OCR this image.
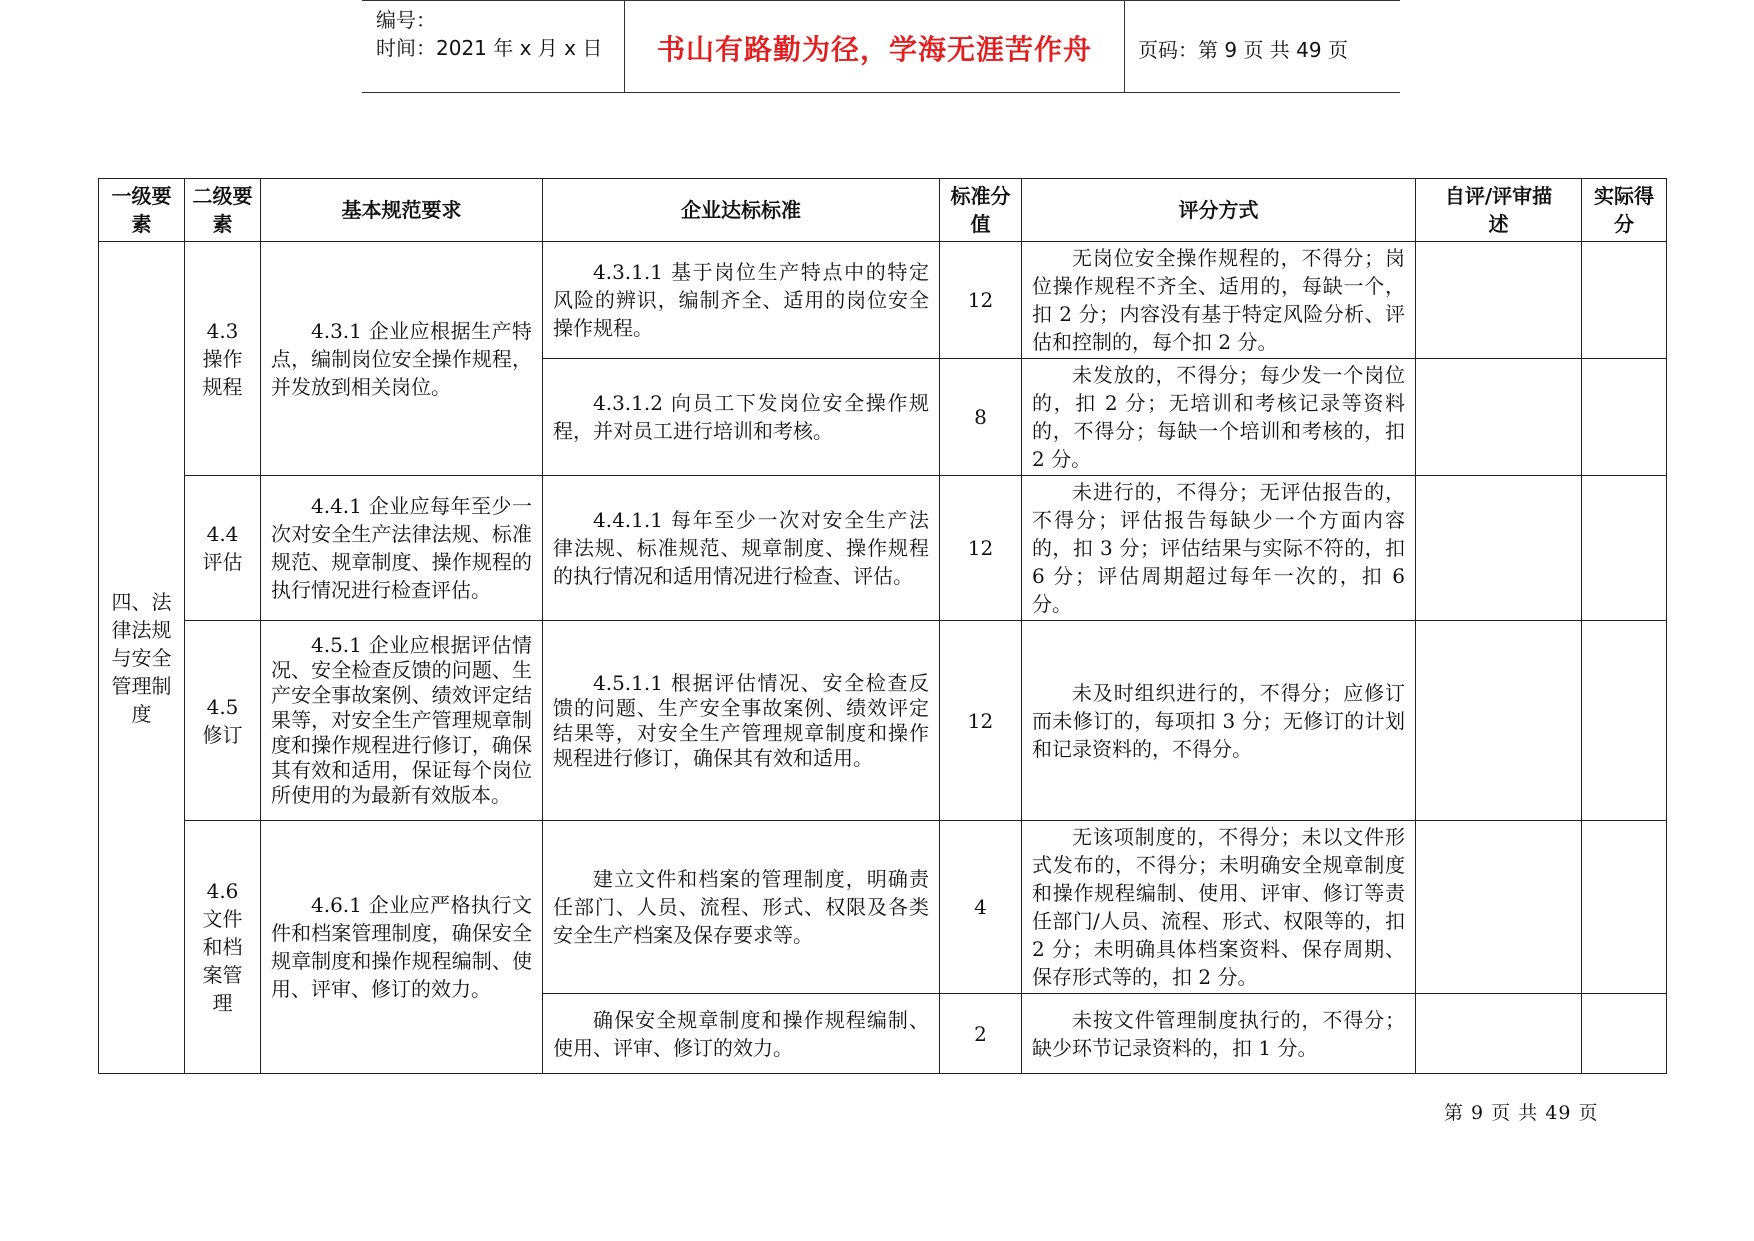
编号：
时间：2021 年 x 月 x 日	书山有路勤为径，学海无涯苦作舟	页码：第 9 页 共 49 页
一级要素	二级要素	基本规范要求	企业达标标准	标准分值	评分方式	自评/评审描　　述	实际得分
四、法律法规与安全管理制度	4.3 操作规程	4.3.1 企业应根据生产特点，编制岗位安全操作规程，并发放到相关岗位。	4.3.1.1 基于岗位生产特点中的特定风险的辨识，编制齐全、适用的岗位安全操作规程。	12	无岗位安全操作规程的，不得分；岗位操作规程不齐全、适用的，每缺一个，扣 2 分；内容没有基于特定风险分析、评估和控制的，每个扣 2 分。		
			4.3.1.2 向员工下发岗位安全操作规程，并对员工进行培训和考核。	8	未发放的，不得分；每少发一个岗位的，扣 2 分；无培训和考核记录等资料的，不得分；每缺一个培训和考核的，扣 2 分。		
	4.4 评估	4.4.1 企业应每年至少一次对安全生产法律法规、标准规范、规章制度、操作规程的执行情况进行检查评估。	4.4.1.1 每年至少一次对安全生产法律法规、标准规范、规章制度、操作规程的执行情况和适用情况进行检查、评估。	12	未进行的，不得分；无评估报告的，不得分；评估报告每缺少一个方面内容的，扣 3 分；评估结果与实际不符的，扣 6 分；评估周期超过每年一次的，扣 6 分。		
	4.5 修订	4.5.1 企业应根据评估情况、安全检查反馈的问题、生产安全事故案例、绩效评定结果等，对安全生产管理规章制度和操作规程进行修订，确保其有效和适用，保证每个岗位所使用的为最新有效版本。	4.5.1.1 根据评估情况、安全检查反馈的问题、生产安全事故案例、绩效评定结果等，对安全生产管理规章制度和操作规程进行修订，确保其有效和适用。	12	未及时组织进行的，不得分；应修订而未修订的，每项扣 3 分；无修订的计划和记录资料的，不得分。		
	4.6 文件和档案管理	4.6.1 企业应严格执行文件和档案管理制度，确保安全规章制度和操作规程编制、使用、评审、修订的效力。	建立文件和档案的管理制度，明确责任部门、人员、流程、形式、权限及各类安全生产档案及保存要求等。	4	无该项制度的，不得分；未以文件形式发布的，不得分；未明确安全规章制度和操作规程编制、使用、评审、修订等责任部门/人员、流程、形式、权限等的，扣 2 分；未明确具体档案资料、保存周期、保存形式等的，扣 2 分。		
			确保安全规章制度和操作规程编制、使用、评审、修订的效力。	2	未按文件管理制度执行的，不得分；缺少环节记录资料的，扣 1 分。		
第 9 页 共 49 页
